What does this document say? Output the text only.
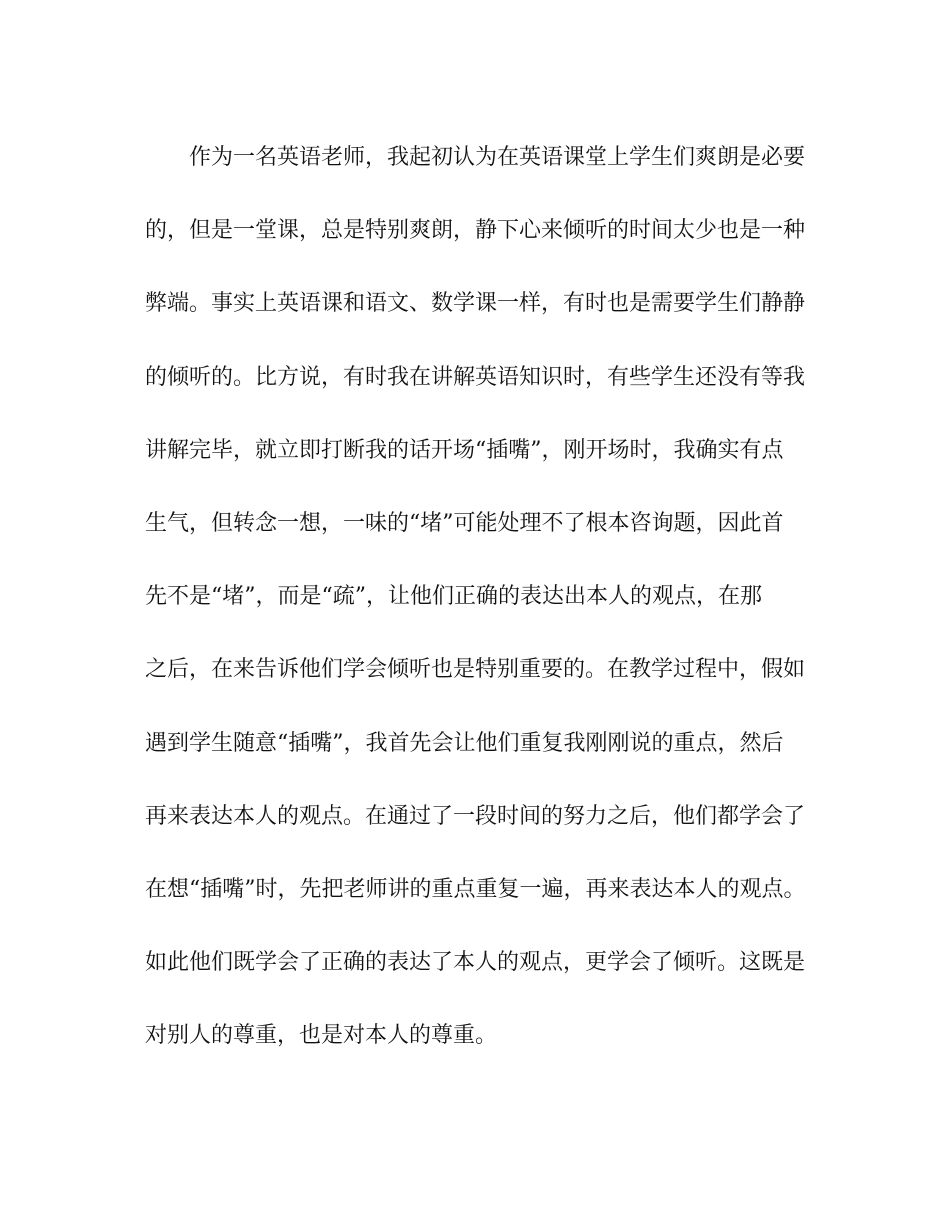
作为一名英语老师，我起初认为在英语课堂上学生们爽朗是必要
的，但是一堂课，总是特别爽朗，静下心来倾听的时间太少也是一种
弊端。事实上英语课和语文、数学课一样，有时也是需要学生们静静
的倾听的。比方说，有时我在讲解英语知识时，有些学生还没有等我
讲解完毕，就立即打断我的话开场“插嘴”，刚开场时，我确实有点
生气，但转念一想，一味的“堵”可能处理不了根本咨询题，因此首
先不是“堵”，而是“疏”，让他们正确的表达出本人的观点，在那
之后，在来告诉他们学会倾听也是特别重要的。在教学过程中，假如
遇到学生随意“插嘴”，我首先会让他们重复我刚刚说的重点，然后
再来表达本人的观点。在通过了一段时间的努力之后，他们都学会了
在想“插嘴”时，先把老师讲的重点重复一遍，再来表达本人的观点。
如此他们既学会了正确的表达了本人的观点，更学会了倾听。这既是
对别人的尊重，也是对本人的尊重。
